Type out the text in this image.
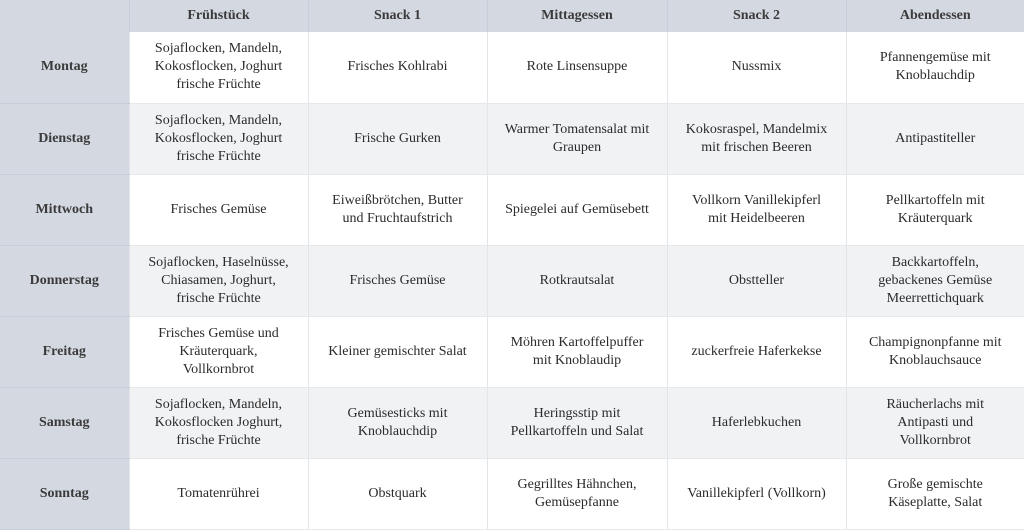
	Frühstück	Snack 1	Mittagessen	Snack 2	Abendessen
Montag	Sojaflocken, Mandeln,
Kokosflocken, Joghurt
frische Früchte	Frisches Kohlrabi	Rote Linsensuppe	Nussmix	Pfannengemüse mit
Knoblauchdip
Dienstag	Sojaflocken, Mandeln,
Kokosflocken, Joghurt
frische Früchte	Frische Gurken	Warmer Tomatensalat mit
Graupen	Kokosraspel, Mandelmix
mit frischen Beeren	Antipastiteller
Mittwoch	Frisches Gemüse	Eiweißbrötchen, Butter
und Fruchtaufstrich	Spiegelei auf Gemüsebett	Vollkorn Vanillekipferl
mit Heidelbeeren	Pellkartoffeln mit
Kräuterquark
Donnerstag	Sojaflocken, Haselnüsse,
Chiasamen, Joghurt,
frische Früchte	Frisches Gemüse	Rotkrautsalat	Obstteller	Backkartoffeln,
gebackenes Gemüse
Meerrettichquark
Freitag	Frisches Gemüse und
Kräuterquark,
Vollkornbrot	Kleiner gemischter Salat	Möhren Kartoffelpuffer
mit Knoblaudip	zuckerfreie Haferkekse	Champignonpfanne mit
Knoblauchsauce
Samstag	Sojaflocken, Mandeln,
Kokosflocken Joghurt,
frische Früchte	Gemüsesticks mit
Knoblauchdip	Heringsstip mit
Pellkartoffeln und Salat	Haferlebkuchen	Räucherlachs mit
Antipasti und
Vollkornbrot
Sonntag	Tomatenrührei	Obstquark	Gegrilltes Hähnchen,
Gemüsepfanne	Vanillekipferl (Vollkorn)	Große gemischte
Käseplatte, Salat
